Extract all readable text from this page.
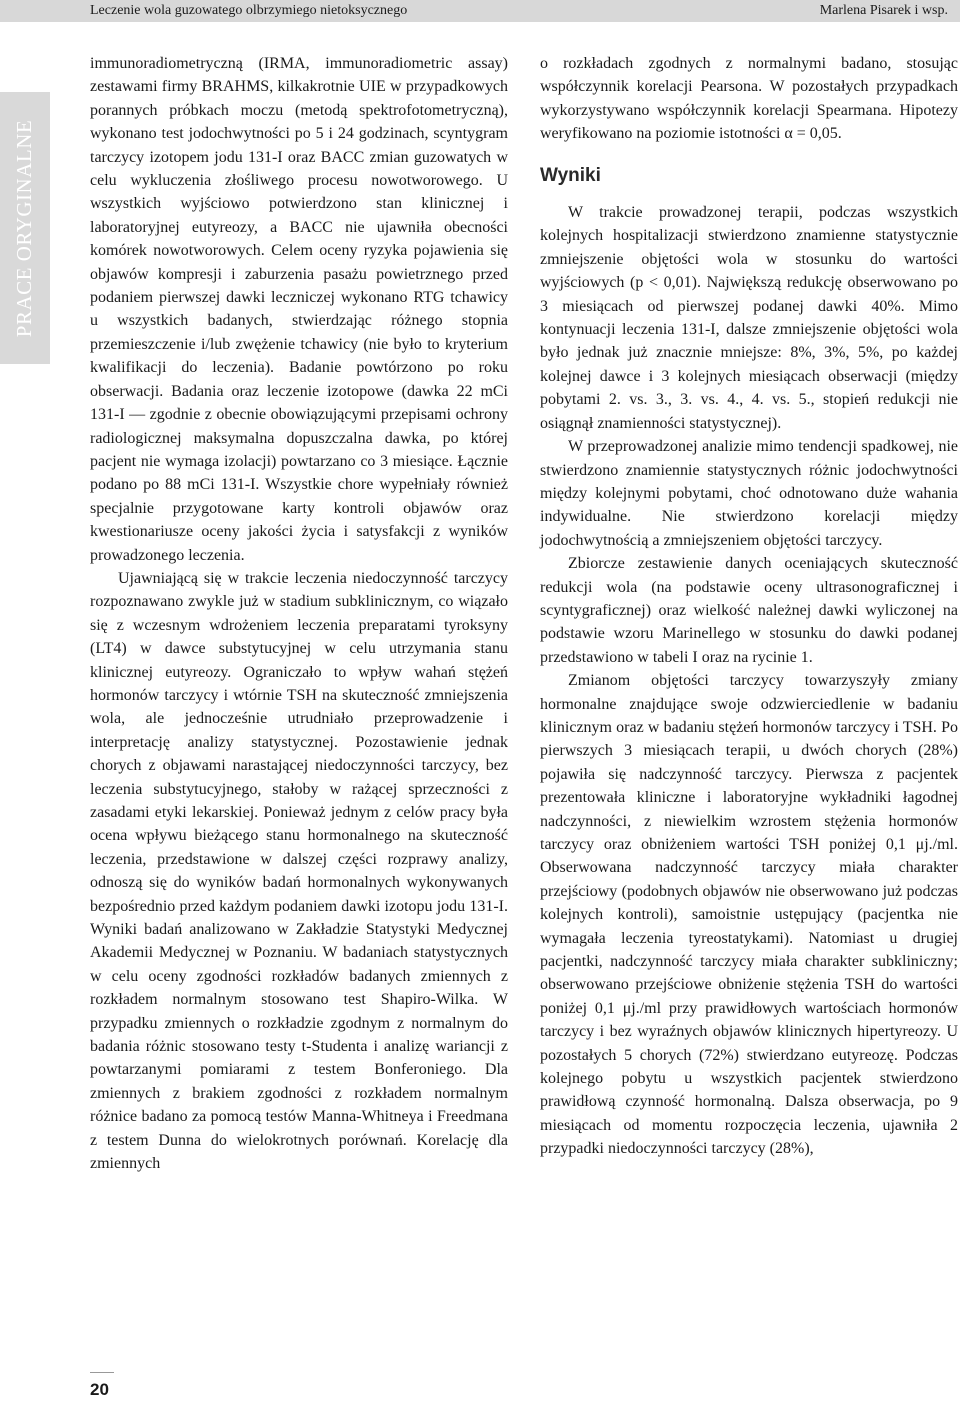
Leczenie wola guzowatego olbrzymiego nietoksycznego	Marlena Pisarek i wsp.
PRACE ORYGINALNE

immunoradiometryczną (IRMA, immunoradiometric assay) zestawami firmy BRAHMS, kilkakrotnie UIE w przypadkowych porannych próbkach moczu (metodą spektrofotometryczną), wykonano test jodochwytności po 5 i 24 godzinach, scyntygram tarczycy izotopem jodu 131-I oraz BACC zmian guzowatych w celu wykluczenia złośliwego procesu nowotworowego. U wszystkich wyjściowo potwierdzono stan klinicznej i laboratoryjnej eutyreozy, a BACC nie ujawniła obecności komórek nowotworowych. Celem oceny ryzyka pojawienia się objawów kompresji i zaburzenia pasażu powietrznego przed podaniem pierwszej dawki leczniczej wykonano RTG tchawicy u wszystkich badanych, stwierdzając różnego stopnia przemieszczenie i/lub zwężenie tchawicy (nie było to kryterium kwalifikacji do leczenia). Badanie powtórzono po roku obserwacji. Badania oraz leczenie izotopowe (dawka 22 mCi 131-I — zgodnie z obecnie obowiązującymi przepisami ochrony radiologicznej maksymalna dopuszczalna dawka, po której pacjent nie wymaga izolacji) powtarzano co 3 miesiące. Łącznie podano po 88 mCi 131-I. Wszystkie chore wypełniały również specjalnie przygotowane karty kontroli objawów oraz kwestionariusze oceny jakości życia i satysfakcji z wyników prowadzonego leczenia.

Ujawniającą się w trakcie leczenia niedoczynność tarczycy rozpoznawano zwykle już w stadium subklinicznym, co wiązało się z wczesnym wdrożeniem leczenia preparatami tyroksyny (LT4) w dawce substytucyjnej w celu utrzymania stanu klinicznej eutyreozy. Ograniczało to wpływ wahań stężeń hormonów tarczycy i wtórnie TSH na skuteczność zmniejszenia wola, ale jednocześnie utrudniało przeprowadzenie i interpretację analizy statystycznej. Pozostawienie jednak chorych z objawami narastającej niedoczynności tarczycy, bez leczenia substytucyjnego, stałoby w rażącej sprzeczności z zasadami etyki lekarskiej. Ponieważ jednym z celów pracy była ocena wpływu bieżącego stanu hormonalnego na skuteczność leczenia, przedstawione w dalszej części rozprawy analizy, odnoszą się do wyników badań hormonalnych wykonywanych bezpośrednio przed każdym podaniem dawki izotopu jodu 131-I. Wyniki badań analizowano w Zakładzie Statystyki Medycznej Akademii Medycznej w Poznaniu. W badaniach statystycznych w celu oceny zgodności rozkładów badanych zmiennych z rozkładem normalnym stosowano test Shapiro-Wilka. W przypadku zmiennych o rozkładzie zgodnym z normalnym do badania różnic stosowano testy t-Studenta i analizę wariancji z powtarzanymi pomiarami z testem Bonferoniego. Dla zmiennych z brakiem zgodności z rozkładem normalnym różnice badano za pomocą testów Manna-Whitneya i Freedmana z testem Dunna do wielokrotnych porównań. Korelację dla zmiennych

o rozkładach zgodnych z normalnymi badano, stosując współczynnik korelacji Pearsona. W pozostałych przypadkach wykorzystywano współczynnik korelacji Spearmana. Hipotezy weryfikowano na poziomie istotności α = 0,05.

Wyniki

W trakcie prowadzonej terapii, podczas wszystkich kolejnych hospitalizacji stwierdzono znamienne statystycznie zmniejszenie objętości wola w stosunku do wartości wyjściowych (p < 0,01). Największą redukcję obserwowano po 3 miesiącach od pierwszej podanej dawki 40%. Mimo kontynuacji leczenia 131-I, dalsze zmniejszenie objętości wola było jednak już znacznie mniejsze: 8%, 3%, 5%, po każdej kolejnej dawce i 3 kolejnych miesiącach obserwacji (między pobytami 2. vs. 3., 3. vs. 4., 4. vs. 5., stopień redukcji nie osiągnął znamienności statystycznej).

W przeprowadzonej analizie mimo tendencji spadkowej, nie stwierdzono znamiennie statystycznych różnic jodochwytności między kolejnymi pobytami, choć odnotowano duże wahania indywidualne. Nie stwierdzono korelacji między jodochwytnością a zmniejszeniem objętości tarczycy.

Zbiorcze zestawienie danych oceniających skuteczność redukcji wola (na podstawie oceny ultrasonograficznej i scyntygraficznej) oraz wielkość należnej dawki wyliczonej na podstawie wzoru Marinellego w stosunku do dawki podanej przedstawiono w tabeli I oraz na rycinie 1.

Zmianom objętości tarczycy towarzyszyły zmiany hormonalne znajdujące swoje odzwierciedlenie w badaniu klinicznym oraz w badaniu stężeń hormonów tarczycy i TSH. Po pierwszych 3 miesiącach terapii, u dwóch chorych (28%) pojawiła się nadczynność tarczycy. Pierwsza z pacjentek prezentowała kliniczne i laboratoryjne wykładniki łagodnej nadczynności, z niewielkim wzrostem stężenia hormonów tarczycy oraz obniżeniem wartości TSH poniżej 0,1 μj./ml. Obserwowana nadczynność tarczycy miała charakter przejściowy (podobnych objawów nie obserwowano już podczas kolejnych kontroli), samoistnie ustępujący (pacjentka nie wymagała leczenia tyreostatykami). Natomiast u drugiej pacjentki, nadczynność tarczycy miała charakter subkliniczny; obserwowano przejściowe obniżenie stężenia TSH do wartości poniżej 0,1 μj./ml przy prawidłowych wartościach hormonów tarczycy i bez wyraźnych objawów klinicznych hipertyreozy. U pozostałych 5 chorych (72%) stwierdzano eutyreozę. Podczas kolejnego pobytu u wszystkich pacjentek stwierdzono prawidłową czynność hormonalną. Dalsza obserwacja, po 9 miesiącach od momentu rozpoczęcia leczenia, ujawniła 2 przypadki niedoczynności tarczycy (28%),

20
